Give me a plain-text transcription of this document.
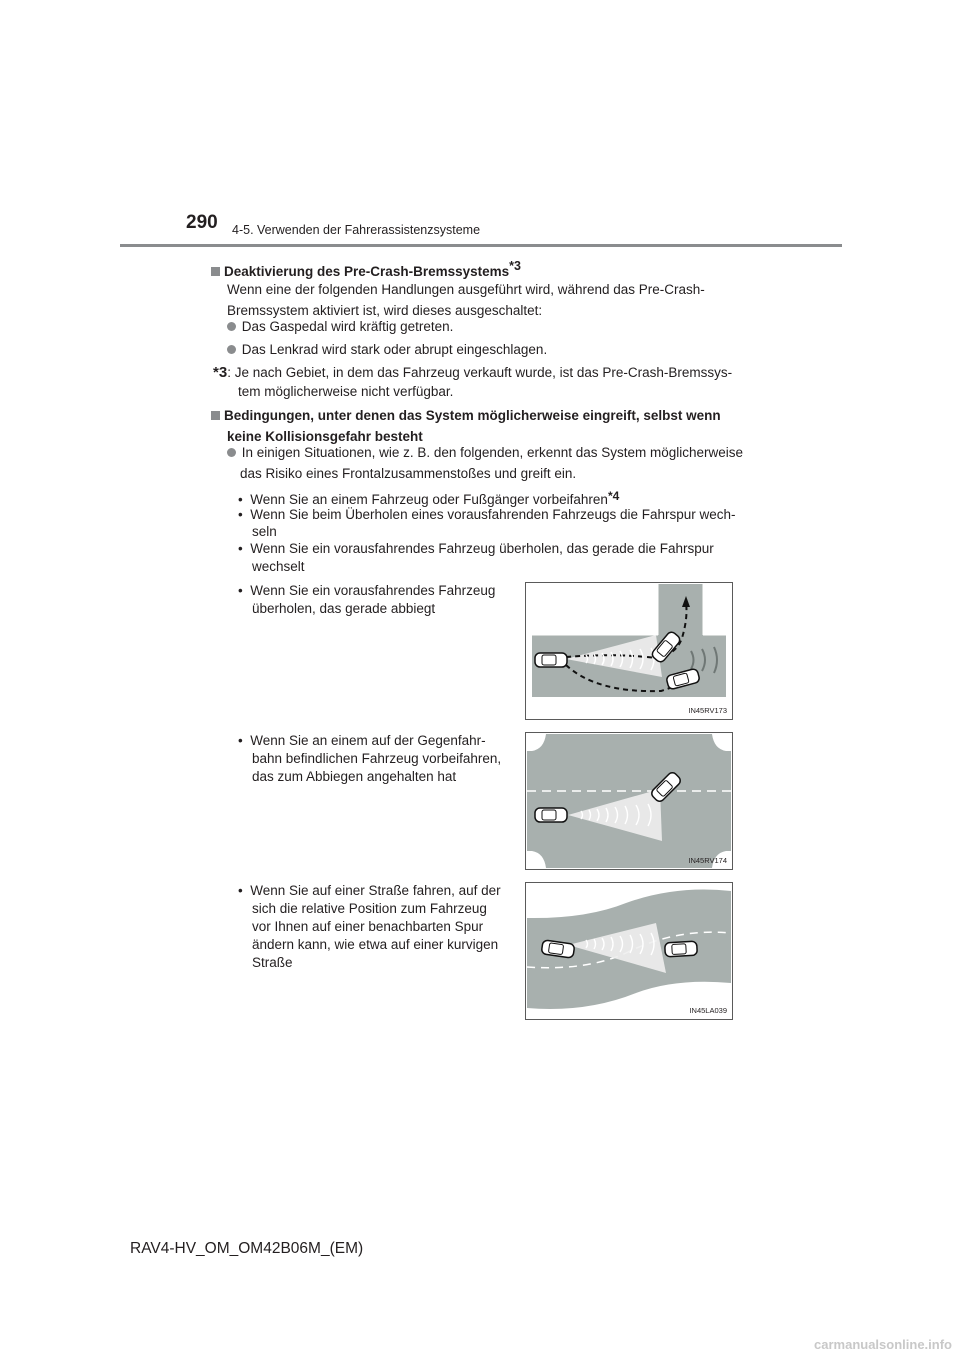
290 4-5. Verwenden der Fahrerassistenzsysteme
Deaktivierung des Pre-Crash-Bremssystems$^{*3}$
Wenn eine der folgenden Handlungen ausgeführt wird, während das Pre-Crash-
Bremssystem aktiviert ist, wird dieses ausgeschaltet:
Das Gaspedal wird kräftig getreten.
Das Lenkrad wird stark oder abrupt eingeschlagen.
*3: Je nach Gebiet, in dem das Fahrzeug verkauft wurde, ist das Pre-Crash-Bremssys-
tem möglicherweise nicht verfügbar.
Bedingungen, unter denen das System möglicherweise eingreift, selbst wenn
keine Kollisionsgefahr besteht
In einigen Situationen, wie z. B. den folgenden, erkennt das System möglicherweise
das Risiko eines Frontalzusammenstoßes und greift ein.
•  Wenn Sie an einem Fahrzeug oder Fußgänger vorbeifahren*4
•  Wenn Sie beim Überholen eines vorausfahrenden Fahrzeugs die Fahrspur wech-
seln
•  Wenn Sie ein vorausfahrendes Fahrzeug überholen, das gerade die Fahrspur
wechselt
•  Wenn Sie ein vorausfahrendes Fahrzeug
überholen, das gerade abbiegt
IN45RV173
•  Wenn Sie an einem auf der Gegenfahr-
bahn befindlichen Fahrzeug vorbeifahren,
das zum Abbiegen angehalten hat
IN45RV174
•  Wenn Sie auf einer Straße fahren, auf der
sich die relative Position zum Fahrzeug
vor Ihnen auf einer benachbarten Spur
ändern kann, wie etwa auf einer kurvigen
Straße
IN45LA039
RAV4-HV_OM_OM42B06M_(EM)
carmanualsonline.info
